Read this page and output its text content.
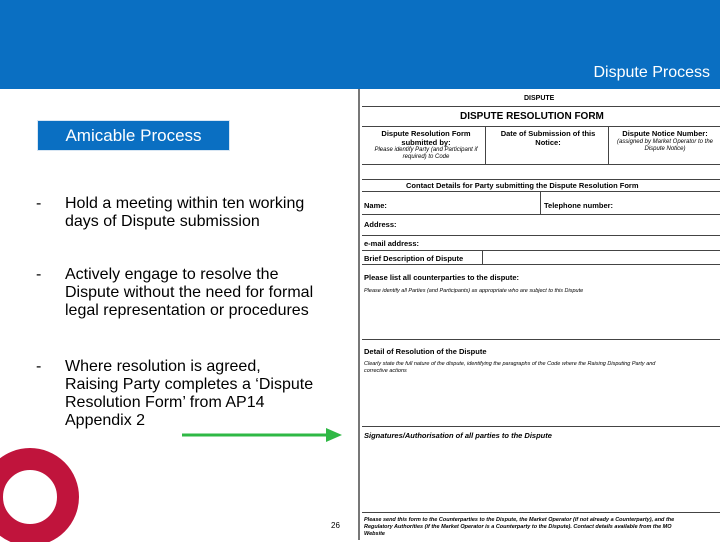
Dispute Process
Amicable Process
- Hold a meeting within ten working
days of Dispute submission
- Actively engage to resolve the
Dispute without the need for formal
legal representation or procedures
- Where resolution is agreed,
Raising Party completes a ‘Dispute
Resolution Form’ from AP14
Appendix 2
26
DISPUTE
DISPUTE RESOLUTION FORM
Dispute Resolution Form
submitted by:
Please identify Party (and Participant if
required) to Code
Date of Submission of this
Notice:
Dispute Notice Number:
(assigned by Market Operator to the
Dispute Notice)
Contact Details for Party submitting the Dispute Resolution Form
Name:	Telephone number:
Address:
e-mail address:
Brief Description of Dispute
Please list all counterparties to the dispute:
Please identify all Parties (and Participants) as appropriate who are subject to this Dispute
Detail of Resolution of the Dispute
Clearly state the full nature of the dispute, identifying the paragraphs of the Code where the Raising Disputing Party and
corrective actions
Signatures/Authorisation of all parties to the Dispute
Please send this form to the Counterparties to the Dispute, the Market Operator (if not already a Counterparty), and the
Regulatory Authorities (if the Market Operator is a Counterparty to the Dispute). Contact details available from the MO
Website
